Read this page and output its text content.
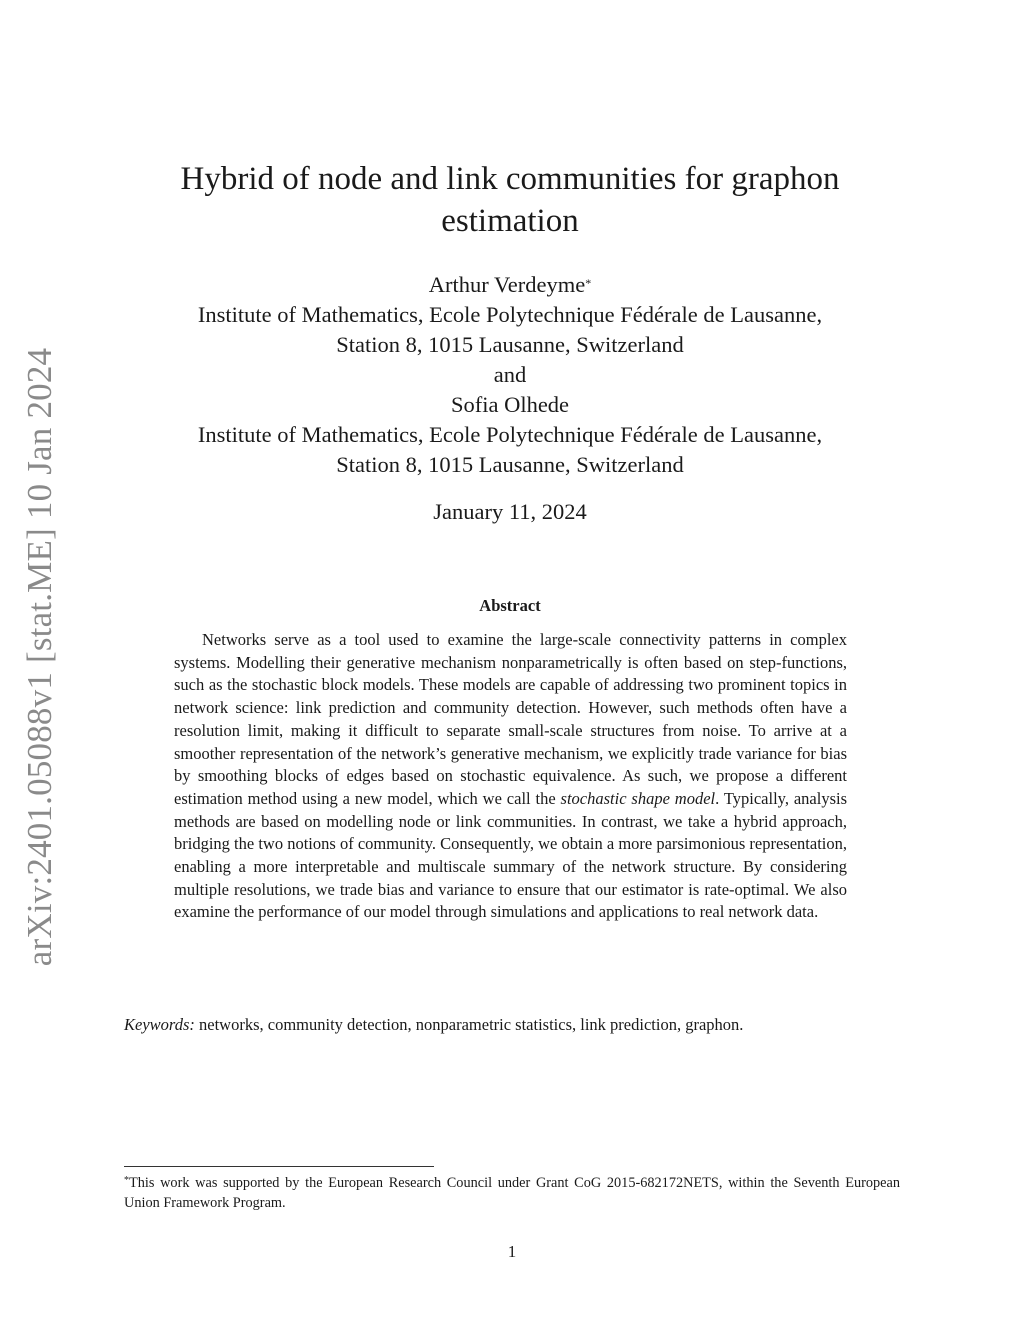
arXiv:2401.05088v1 [stat.ME] 10 Jan 2024
Hybrid of node and link communities for graphon estimation
Arthur Verdeyme*
Institute of Mathematics, Ecole Polytechnique Fédérale de Lausanne,
Station 8, 1015 Lausanne, Switzerland
and
Sofia Olhede
Institute of Mathematics, Ecole Polytechnique Fédérale de Lausanne,
Station 8, 1015 Lausanne, Switzerland
January 11, 2024
Abstract

Networks serve as a tool used to examine the large-scale connectivity patterns in complex systems. Modelling their generative mechanism nonparametrically is often based on step-functions, such as the stochastic block models. These models are capable of addressing two prominent topics in network science: link prediction and community detection. However, such methods often have a resolution limit, making it difficult to separate small-scale structures from noise. To arrive at a smoother representation of the network’s generative mechanism, we explicitly trade variance for bias by smoothing blocks of edges based on stochastic equivalence. As such, we propose a different estimation method using a new model, which we call the stochastic shape model. Typically, analysis methods are based on modelling node or link communities. In contrast, we take a hybrid approach, bridging the two notions of community. Consequently, we obtain a more parsimonious representation, enabling a more interpretable and multiscale summary of the network structure. By considering multiple resolutions, we trade bias and variance to ensure that our estimator is rate-optimal. We also examine the performance of our model through simulations and applications to real network data.

Keywords: networks, community detection, nonparametric statistics, link prediction, graphon.
*This work was supported by the European Research Council under Grant CoG 2015-682172NETS, within the Seventh European Union Framework Program.
1
